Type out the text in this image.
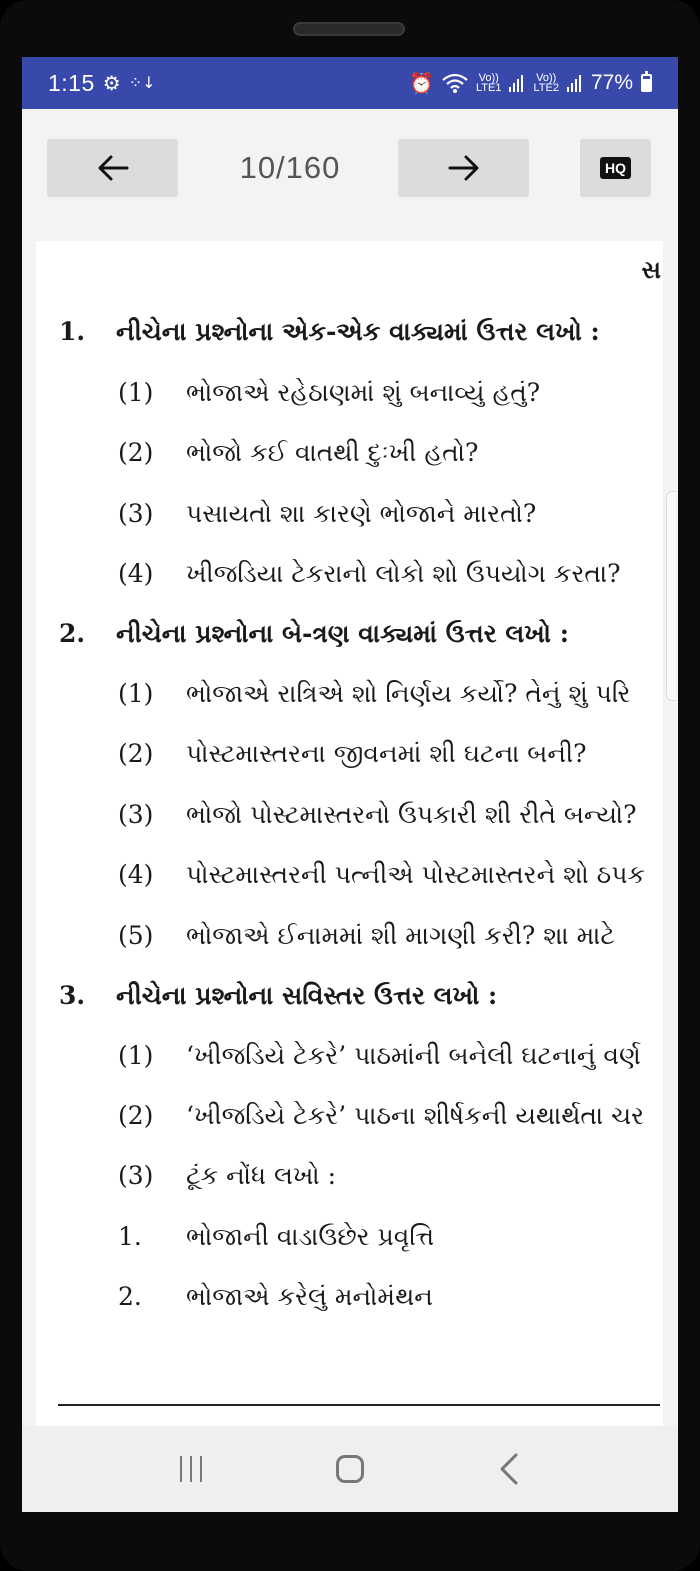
1:15 ⚙ ⁘↓	⏰	Vo))
LTE1
Vo))
LTE2 77%
10/160	HQ
સ
1. નીચેના પ્રશ્નોના એક-એક વાક્યમાં ઉત્તર લખો :
(1) ભોજાએ રહેઠાણમાં શું બનાવ્યું હતું?
(2) ભોજો કઈ વાતથી દુઃખી હતો?
(3) પસાયતો શા કારણે ભોજાને મારતો?
(4) ખીજડિયા ટેકરાનો લોકો શો ઉપયોગ કરતા?
2. નીચેના પ્રશ્નોના બે-ત્રણ વાક્યમાં ઉત્તર લખો :
(1) ભોજાએ રાત્રિએ શો નિર્ણય કર્યો? તેનું શું પરિ
(2) પોસ્ટમાસ્તરના જીવનમાં શી ઘટના બની?
(3) ભોજો પોસ્ટમાસ્તરનો ઉપકારી શી રીતે બન્યો?
(4) પોસ્ટમાસ્તરની પત્નીએ પોસ્ટમાસ્તરને શો ઠપક
(5) ભોજાએ ઈનામમાં શી માગણી કરી? શા માટે
3. નીચેના પ્રશ્નોના સવિસ્તર ઉત્તર લખો :
(1) ‘ખીજડિયે ટેકરે’ પાઠમાંની બનેલી ઘટનાનું વર્ણ
(2) ‘ખીજડિયે ટેકરે’ પાઠના શીર્ષકની યથાર્થતા ચર
(3) ટૂંક નોંધ લખો :
1. ભોજાની વાડાઉછેર પ્રવૃત્તિ
2. ભોજાએ કરેલું મનોમંથન
